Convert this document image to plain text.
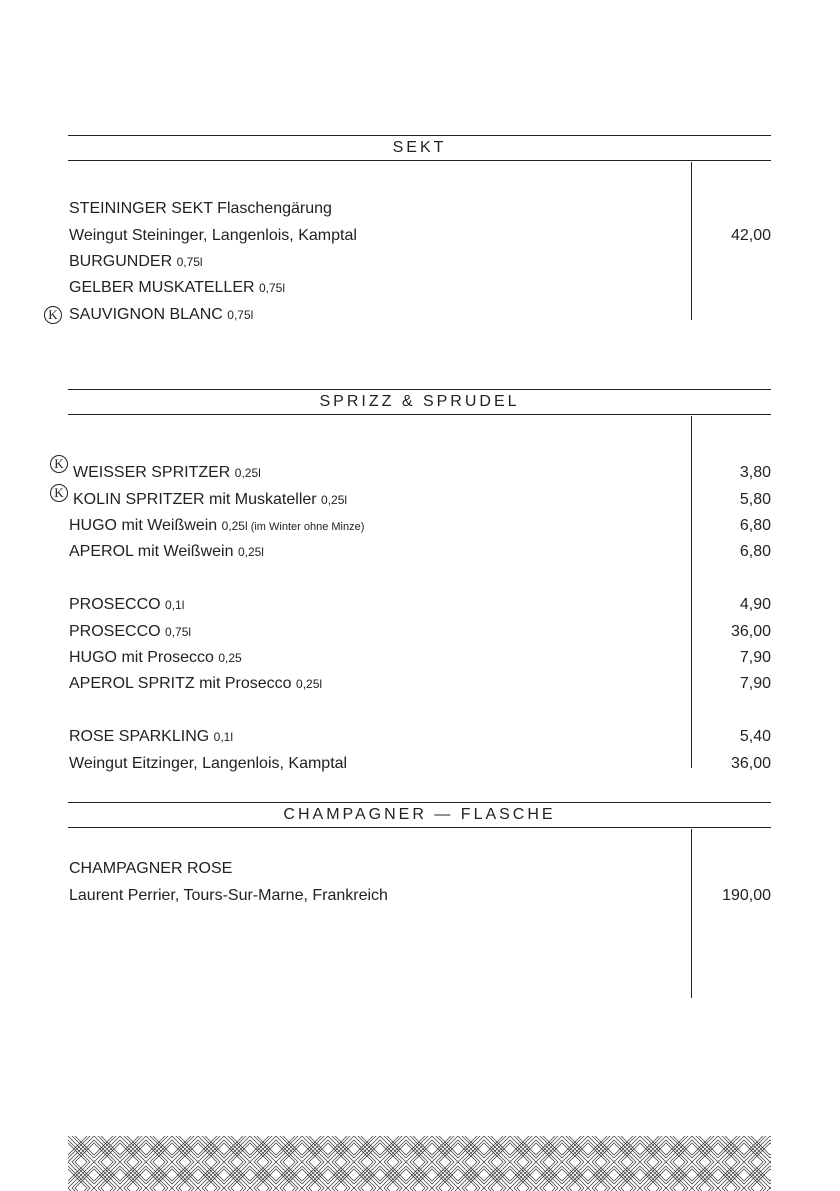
SEKT
STEININGER SEKT Flaschengärung
Weingut Steininger, Langenlois, Kamptal	42,00
BURGUNDER 0,75l
GELBER MUSKATELLER 0,75l
K SAUVIGNON BLANC 0,75l
SPRIZZ & SPRUDEL
K
WEISSER SPRITZER 0,25l	3,80
K KOLIN SPRITZER mit Muskateller 0,25l	5,80
HUGO mit Weißwein 0,25l (im Winter ohne Minze)	6,80
APEROL mit Weißwein 0,25l	6,80
PROSECCO 0,1l	4,90
PROSECCO 0,75l	36,00
HUGO mit Prosecco 0,25	7,90
APEROL SPRITZ mit Prosecco 0,25l	7,90
ROSE SPARKLING 0,1l	5,40
Weingut Eitzinger, Langenlois, Kamptal	36,00
CHAMPAGNER — FLASCHE
CHAMPAGNER ROSE
Laurent Perrier, Tours-Sur-Marne, Frankreich	190,00
